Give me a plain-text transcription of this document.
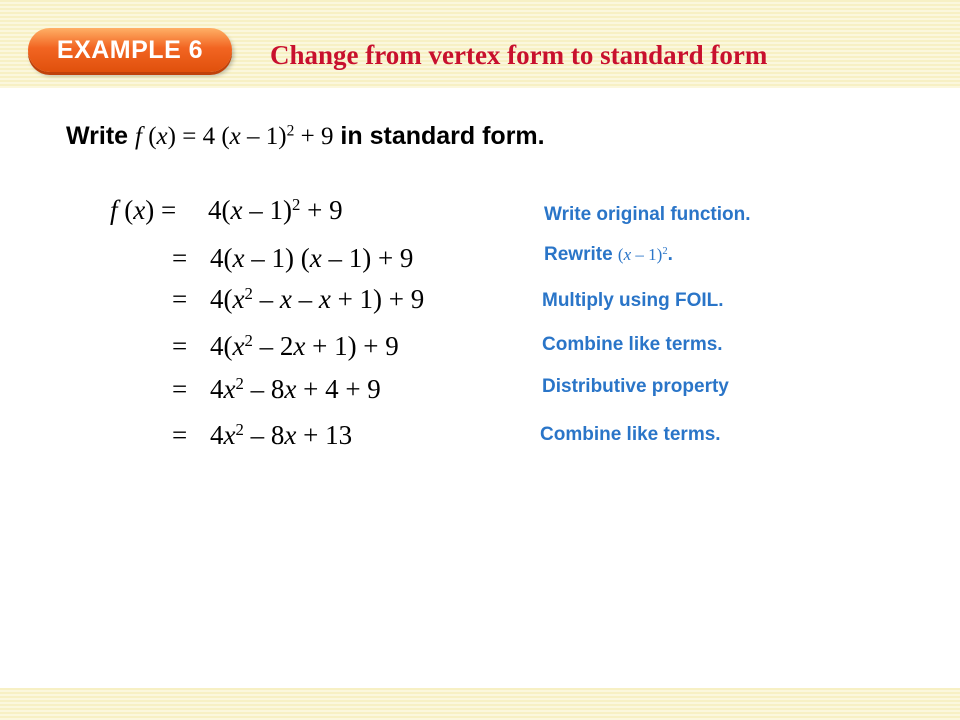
EXAMPLE 6 Change from vertex form to standard form
Write f (x) = 4 (x – 1)$^2$ + 9 in standard form.
f (x) = 4(x – 1)$^2$ + 9	Write original function.
= 4(x – 1) (x – 1) + 9	Rewrite (x – 1)$^2$.
= $4(x^2 - x - x + 1) + 9$	Multiply using FOIL.
= $4(x^2 - 2x + 1) + 9$	Combine like terms.
= $4x^2 - 8x + 4 + 9$	Distributive property
= $4x^2 - 8x + 13$	Combine like terms.
